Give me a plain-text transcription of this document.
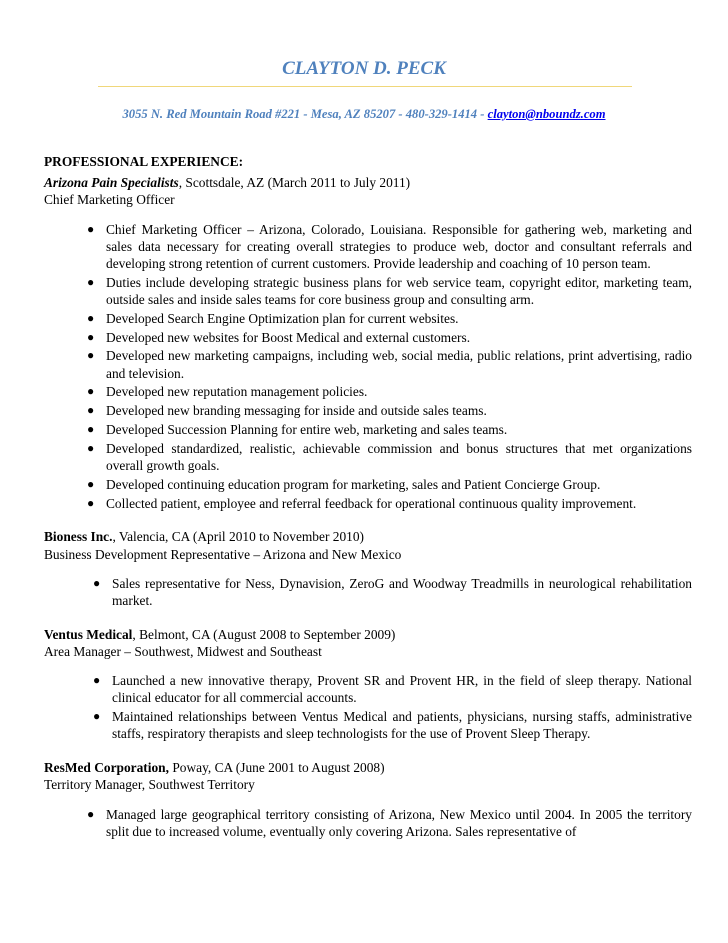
CLAYTON D. PECK
3055 N. Red Mountain Road #221 - Mesa, AZ 85207 - 480-329-1414 - clayton@nboundz.com
PROFESSIONAL EXPERIENCE:
Arizona Pain Specialists, Scottsdale, AZ (March 2011 to July 2011)
Chief Marketing Officer
● Chief Marketing Officer – Arizona, Colorado, Louisiana. Responsible for gathering web, marketing and sales data necessary for creating overall strategies to produce web, doctor and consultant referrals and developing strong retention of current customers. Provide leadership and coaching of 10 person team.
● Duties include developing strategic business plans for web service team, copyright editor, marketing team, outside sales and inside sales teams for core business group and consulting arm.
● Developed Search Engine Optimization plan for current websites.
● Developed new websites for Boost Medical and external customers.
● Developed new marketing campaigns, including web, social media, public relations, print advertising, radio and television.
● Developed new reputation management policies.
● Developed new branding messaging for inside and outside sales teams.
● Developed Succession Planning for entire web, marketing and sales teams.
● Developed standardized, realistic, achievable commission and bonus structures that met organizations overall growth goals.
● Developed continuing education program for marketing, sales and Patient Concierge Group.
● Collected patient, employee and referral feedback for operational continuous quality improvement.
Bioness Inc., Valencia, CA (April 2010 to November 2010)
Business Development Representative – Arizona and New Mexico
● Sales representative for Ness, Dynavision, ZeroG and Woodway Treadmills in neurological rehabilitation market.
Ventus Medical, Belmont, CA (August 2008 to September 2009)
Area Manager – Southwest, Midwest and Southeast
● Launched a new innovative therapy, Provent SR and Provent HR, in the field of sleep therapy. National clinical educator for all commercial accounts.
● Maintained relationships between Ventus Medical and patients, physicians, nursing staffs, administrative staffs, respiratory therapists and sleep technologists for the use of Provent Sleep Therapy.
ResMed Corporation, Poway, CA (June 2001 to August 2008)
Territory Manager, Southwest Territory
● Managed large geographical territory consisting of Arizona, New Mexico until 2004. In 2005 the territory split due to increased volume, eventually only covering Arizona. Sales representative of
